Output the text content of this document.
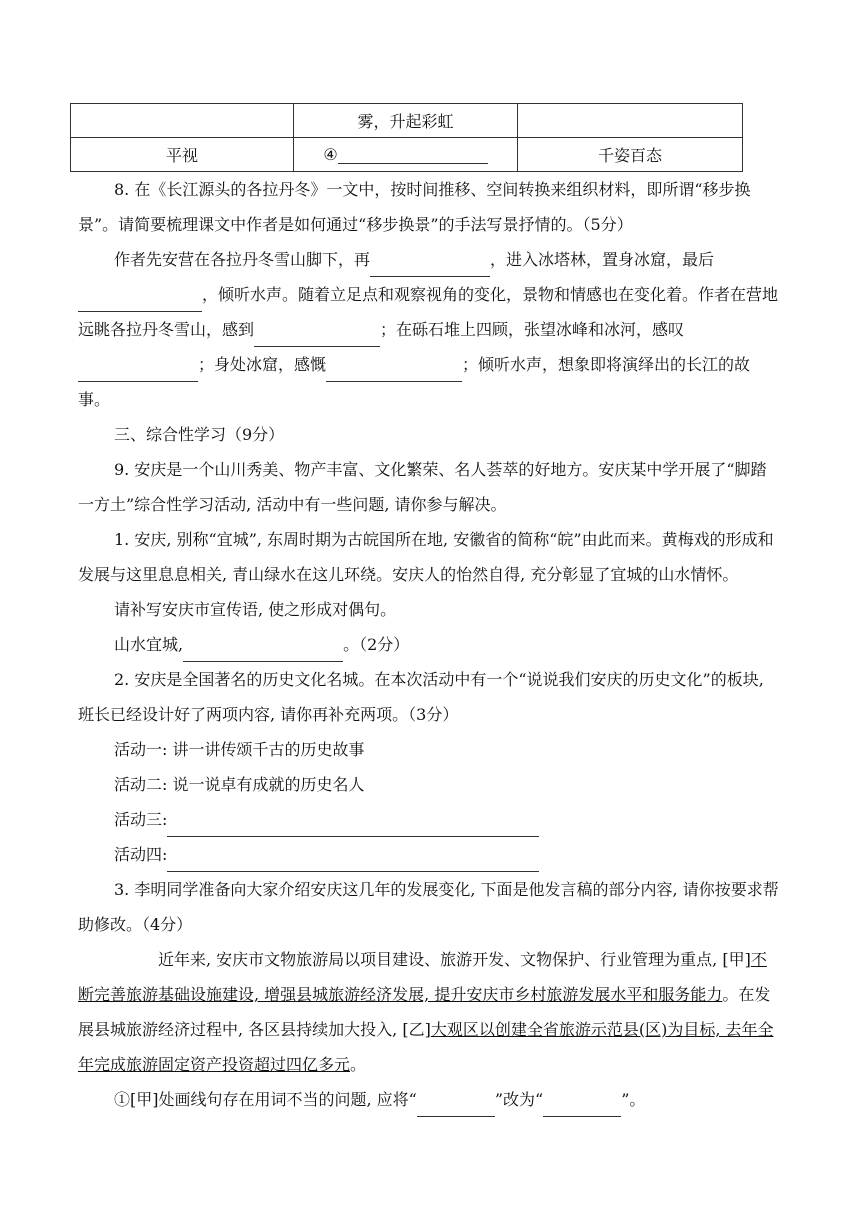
	雾，升起彩虹	
平视	④	千姿百态

8. 在《长江源头的各拉丹冬》一文中，按时间推移、空间转换来组织材料，即所谓“移步换景”。请简要梳理课文中作者是如何通过“移步换景”的手法写景抒情的。（5分）

作者先安营在各拉丹冬雪山脚下，再	，进入冰塔林，置身冰窟，最后，倾听水声。随着立足点和观察视角的变化，景物和情感也在变化着。作者在营地远眺各拉丹冬雪山，感到	；在砾石堆上四顾，张望冰峰和冰河，感叹；身处冰窟，感慨	；倾听水声，想象即将演绎出的长江的故事。

三、综合性学习（9分）

9. 安庆是一个山川秀美、物产丰富、文化繁荣、名人荟萃的好地方。安庆某中学开展了“脚踏一方土”综合性学习活动, 活动中有一些问题, 请你参与解决。

1. 安庆, 别称“宜城”, 东周时期为古皖国所在地, 安徽省的简称“皖”由此而来。黄梅戏的形成和发展与这里息息相关, 青山绿水在这儿环绕。安庆人的怡然自得, 充分彰显了宜城的山水情怀。

请补写安庆市宣传语, 使之形成对偶句。

山水宜城,	。（2分）

2. 安庆是全国著名的历史文化名城。在本次活动中有一个“说说我们安庆的历史文化”的板块, 班长已经设计好了两项内容, 请你再补充两项。（3分）

活动一: 讲一讲传颂千古的历史故事

活动二: 说一说卓有成就的历史名人

活动三:

活动四:

3. 李明同学准备向大家介绍安庆这几年的发展变化, 下面是他发言稿的部分内容, 请你按要求帮助修改。（4分）

近年来, 安庆市文物旅游局以项目建设、旅游开发、文物保护、行业管理为重点, [甲]不断完善旅游基础设施建设, 增强县城旅游经济发展, 提升安庆市乡村旅游发展水平和服务能力。在发展县城旅游经济过程中, 各区县持续加大投入, [乙]大观区以创建全省旅游示范县(区)为目标, 去年全年完成旅游固定资产投资超过四亿多元。

①[甲]处画线句存在用词不当的问题, 应将“	”改为“	”。
